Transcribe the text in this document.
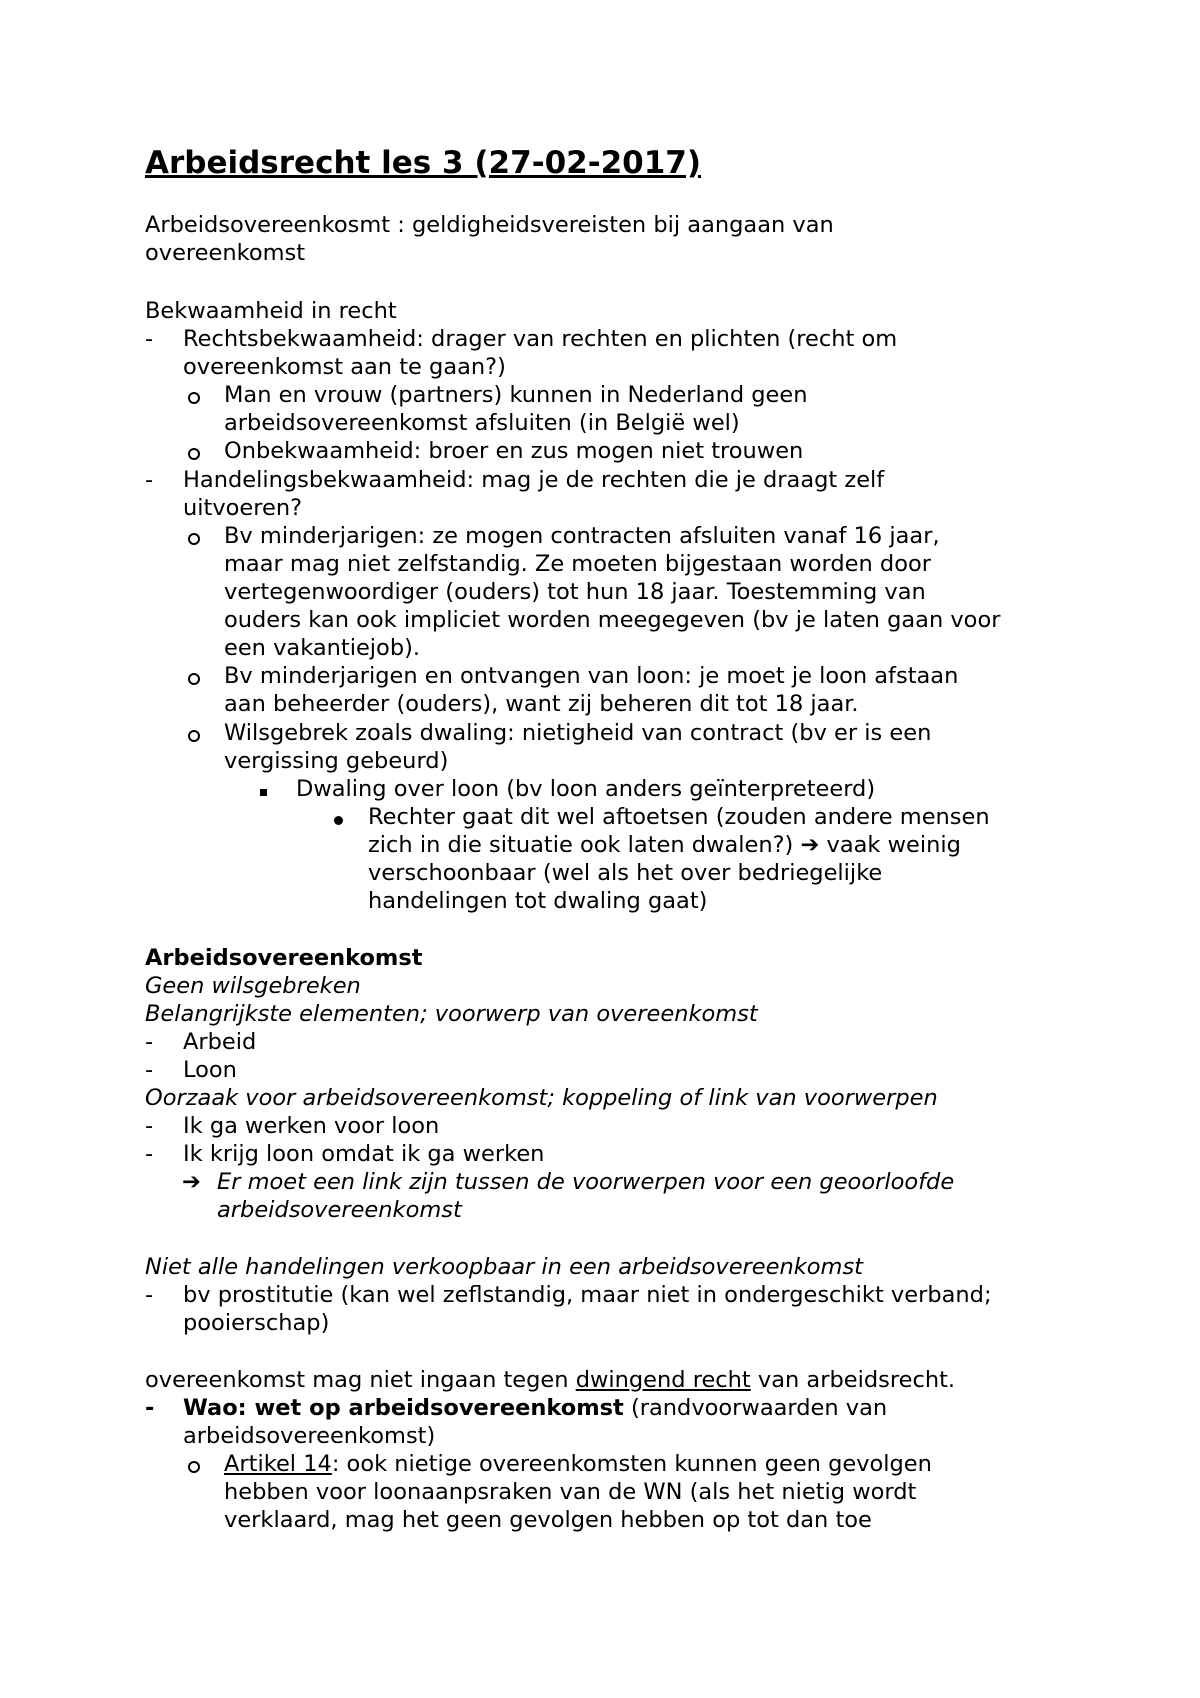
Arbeidsrecht les 3 (27-02-2017)
Arbeidsovereenkosmt : geldigheidsvereisten bij aangaan van
overeenkomst
Bekwaamheid in recht
- Rechtsbekwaamheid: drager van rechten en plichten (recht om
overeenkomst aan te gaan?)
Man en vrouw (partners) kunnen in Nederland geen
arbeidsovereenkomst afsluiten (in België wel)
Onbekwaamheid: broer en zus mogen niet trouwen
- Handelingsbekwaamheid: mag je de rechten die je draagt zelf
uitvoeren?
Bv minderjarigen: ze mogen contracten afsluiten vanaf 16 jaar,
maar mag niet zelfstandig. Ze moeten bijgestaan worden door
vertegenwoordiger (ouders) tot hun 18 jaar. Toestemming van
ouders kan ook impliciet worden meegegeven (bv je laten gaan voor
een vakantiejob).
Bv minderjarigen en ontvangen van loon: je moet je loon afstaan
aan beheerder (ouders), want zij beheren dit tot 18 jaar.
Wilsgebrek zoals dwaling: nietigheid van contract (bv er is een
vergissing gebeurd)
Dwaling over loon (bv loon anders geïnterpreteerd)
Rechter gaat dit wel aftoetsen (zouden andere mensen
zich in die situatie ook laten dwalen?) ➔ vaak weinig
verschoonbaar (wel als het over bedriegelijke
handelingen tot dwaling gaat)
Arbeidsovereenkomst
Geen wilsgebreken
Belangrijkste elementen; voorwerp van overeenkomst
- Arbeid
- Loon
Oorzaak voor arbeidsovereenkomst; koppeling of link van voorwerpen
- Ik ga werken voor loon
- Ik krijg loon omdat ik ga werken
➔ Er moet een link zijn tussen de voorwerpen voor een geoorloofde
arbeidsovereenkomst
Niet alle handelingen verkoopbaar in een arbeidsovereenkomst
- bv prostitutie (kan wel zeflstandig, maar niet in ondergeschikt verband;
pooierschap)
overeenkomst mag niet ingaan tegen dwingend recht van arbeidsrecht.
- Wao: wet op arbeidsovereenkomst (randvoorwaarden van
arbeidsovereenkomst)
Artikel 14: ook nietige overeenkomsten kunnen geen gevolgen
hebben voor loonaanpsraken van de WN (als het nietig wordt
verklaard, mag het geen gevolgen hebben op tot dan toe
